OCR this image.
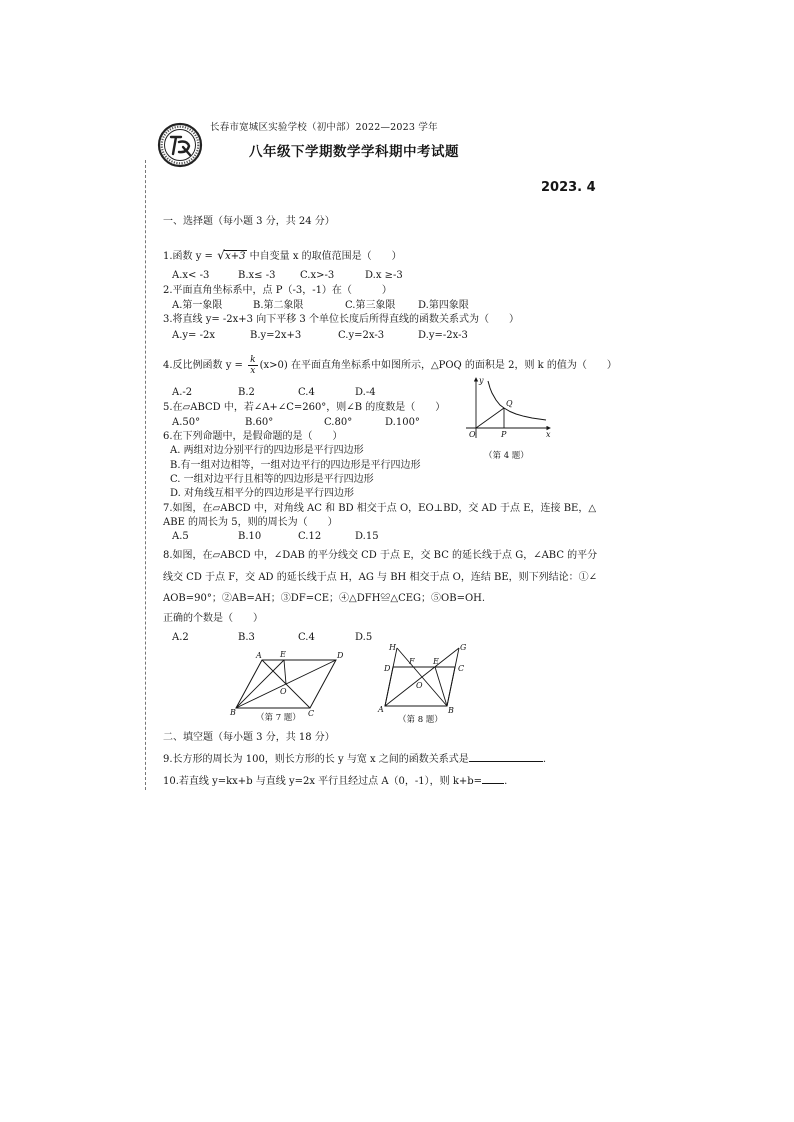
长春市宽城区实验学校（初中部）2022—2023 学年
八年级下学期数学学科期中考试题
2023. 4
一、选择题（每小题 3 分，共 24 分）
1.函数 y = √ x+3 中自变量 x 的取值范围是（　　）
A.x< -3	B.x≤ -3 C.x>-3	D.x ≥-3
2.平面直角坐标系中，点 P（-3，-1）在（　　　）
A.第一象限	B.第二象限	C.第三象限 D.第四象限
3.将直线 y= -2x+3 向下平移 3 个单位长度后所得直线的函数关系式为（　　）
A.y= -2x	B.y=2x+3	C.y=2x-3	D.y=-2x-3
4.反比例函数 $y = \frac{k}{x} (x>0)$ 在平面直角坐标系中如图所示，△POQ 的面积是 2，则 k 的值为（　　）
A.-2	B.2	C.4	D.-4
y
x
O	P
Q
（第 4 题）
5.在▱ABCD 中，若∠A+∠C=260°，则∠B 的度数是（　　）
A.50°	B.60°	C.80°	D.100°
6.在下列命题中，是假命题的是（　　）
A. 两组对边分别平行的四边形是平行四边形
B.有一组对边相等，一组对边平行的四边形是平行四边形
C. 一组对边平行且相等的四边形是平行四边形
D. 对角线互相平分的四边形是平行四边形
7.如图，在▱ABCD 中，对角线 AC 和 BD 相交于点 O，EO⊥BD，交 AD 于点 E，连接 BE，△
ABE 的周长为 5，则的周长为（　　）
A.5	B.10	C.12	D.15
8.如图，在▱ABCD 中，∠DAB 的平分线交 CD 于点 E，交 BC 的延长线于点 G，∠ABC 的平分
线交 CD 于点 F，交 AD 的延长线于点 H，AG 与 BH 相交于点 O，连结 BE，则下列结论：①∠
AOB=90°；②AB=AH；③DF=CE；④△DFH≌△CEG；⑤OB=OH.
正确的个数是（　　）
A.2	B.3	C.4	D.5
A E	D
B	C
O
（第 7 题）
H	G
D
F E
C
O
A	B
（第 8 题）
二、填空题（每小题 3 分，共 18 分）
9.长方形的周长为 100，则长方形的长 y 与宽 x 之间的函数关系式是	.
10.若直线 y=kx+b 与直线 y=2x 平行且经过点 A（0，-1），则 k+b= .
